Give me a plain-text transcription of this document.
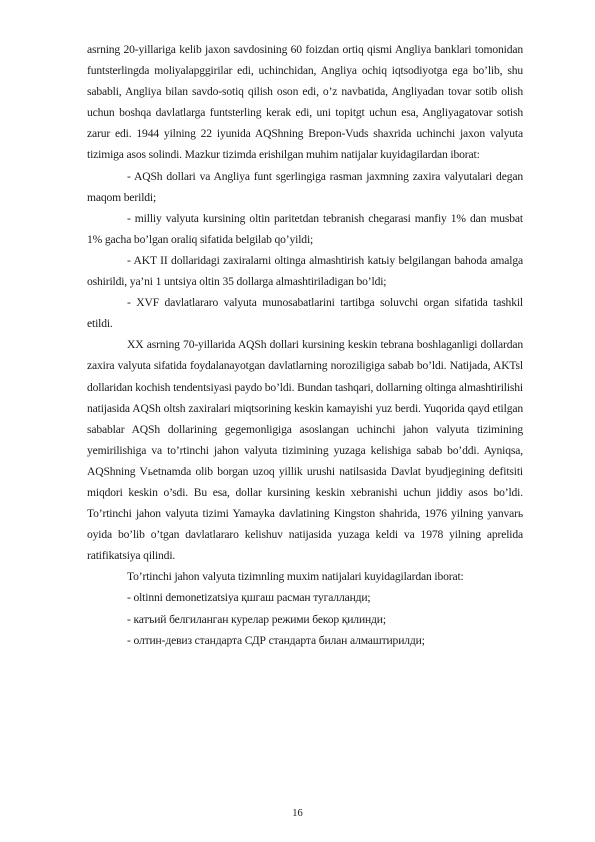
asrning 20-yillariga kelib jaxon savdosining 60 foizdan ortiq qismi Angliya banklari tomonidan funtsterlingda moliyalapggirilar edi, uchinchidan, Angliya ochiq iqtsodiyotga ega bo’lib, shu sababli, Angliya bilan savdo-sotiq qilish oson edi, o’z navbatida, Angliyadan tovar sotib olish uchun boshqa davlatlarga funtsterling kerak edi, uni topitgt uchun esa, Angliyagatovar sotish zarur edi. 1944 yilning 22 iyunida AQShning Brepon-Vuds shaxrida uchinchi jaxon valyuta tizimiga asos solindi. Mazkur tizimda erishilgan muhim natijalar kuyidagilardan iborat:

- AQSh dollari va Angliya funt sgerlingiga rasman jaxmning zaxira valyutalari degan maqom berildi;

- milliy valyuta kursining oltin paritetdan tebranish chegarasi manfiy 1% dan musbat 1% gacha bo’lgan oraliq sifatida belgilab qo’yildi;

- AKT II dollaridagi zaxiralarni oltinga almashtirish katьiy belgilangan bahoda amalga oshirildi, ya’ni 1 untsiya oltin 35 dollarga almashtiriladigan bo’ldi;

- XVF davlatlararo valyuta munosabatlarini tartibga soluvchi organ sifatida tashkil etildi.

XX asrning 70-yillarida AQSh dollari kursining keskin tebrana boshlaganligi dollardan zaxira valyuta sifatida foydalanayotgan davlatlarning noroziligiga sabab bo’ldi. Natijada, AKTsl dollaridan kochish tendentsiyasi paydo bo’ldi. Bundan tashqari, dollarning oltinga almashtirilishi natijasida AQSh oltsh zaxiralari miqtsorining keskin kamayishi yuz berdi. Yuqorida qayd etilgan sabablar AQSh dollarining gegemonligiga asoslangan uchinchi jahon valyuta tizimining yemirilishiga va to’rtinchi jahon valyuta tizimining yuzaga kelishiga sabab bo’ddi. Ayniqsa, AQShning Vьetnamda olib borgan uzoq yillik urushi natilsasida Davlat byudjegining defitsiti miqdori keskin o’sdi. Bu esa, dollar kursining keskin xebranishi uchun jiddiy asos bo’ldi. To’rtinchi jahon valyuta tizimi Yamayka davlatining Kingston shahrida, 1976 yilning yanvarь oyida bo’lib o’tgan davlatlararo kelishuv natijasida yuzaga keldi va 1978 yilning aprelida ratifikatsiya qilindi.

To’rtinchi jahon valyuta tizimnling muxim natijalari kuyidagilardan iborat:

- oltinni demonetizatsiya қшгаш расман тугалланди;

- катъий белгиланган курелар режими бекор қилинди;

- олтин-девиз стандарта СДР стандарта билан алмаштирилди;

16
